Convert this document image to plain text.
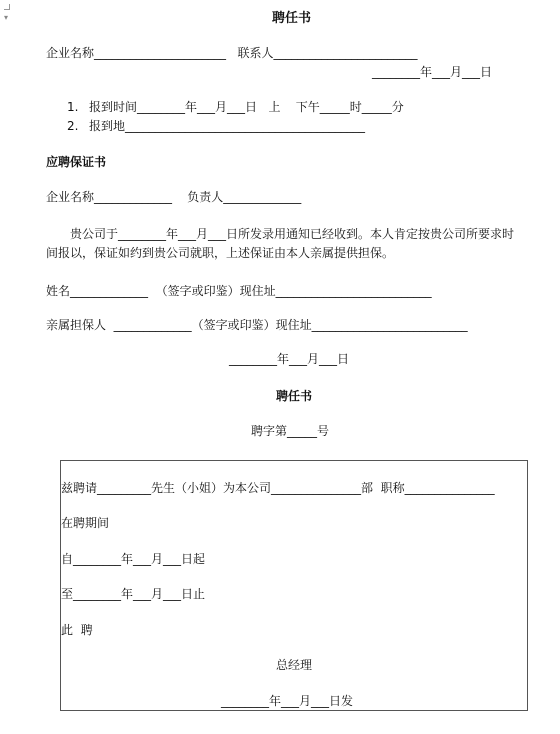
▾	聘任书
企业名称______________________   联系人________________________
________年___月___日
1. 报到时间________年___月___日   上    下午_____时_____分
2. 报到地________________________________________
应聘保证书
企业名称_____________    负责人_____________
贵公司于________年___月___日所发录用通知已经收到。本人肯定按贵公司所要求时
间报以，保证如约到贵公司就职，上述保证由本人亲属提供担保。
姓名_____________  （签字或印鉴）现住址__________________________
亲属担保人  _____________（签字或印鉴）现住址__________________________
________年___月___日
聘任书
聘字第_____号
兹聘请_________先生（小姐）为本公司_______________部  职称_______________
在聘期间
自________年___月___日起
至________年___月___日止
此  聘
总经理
________年___月___日发
